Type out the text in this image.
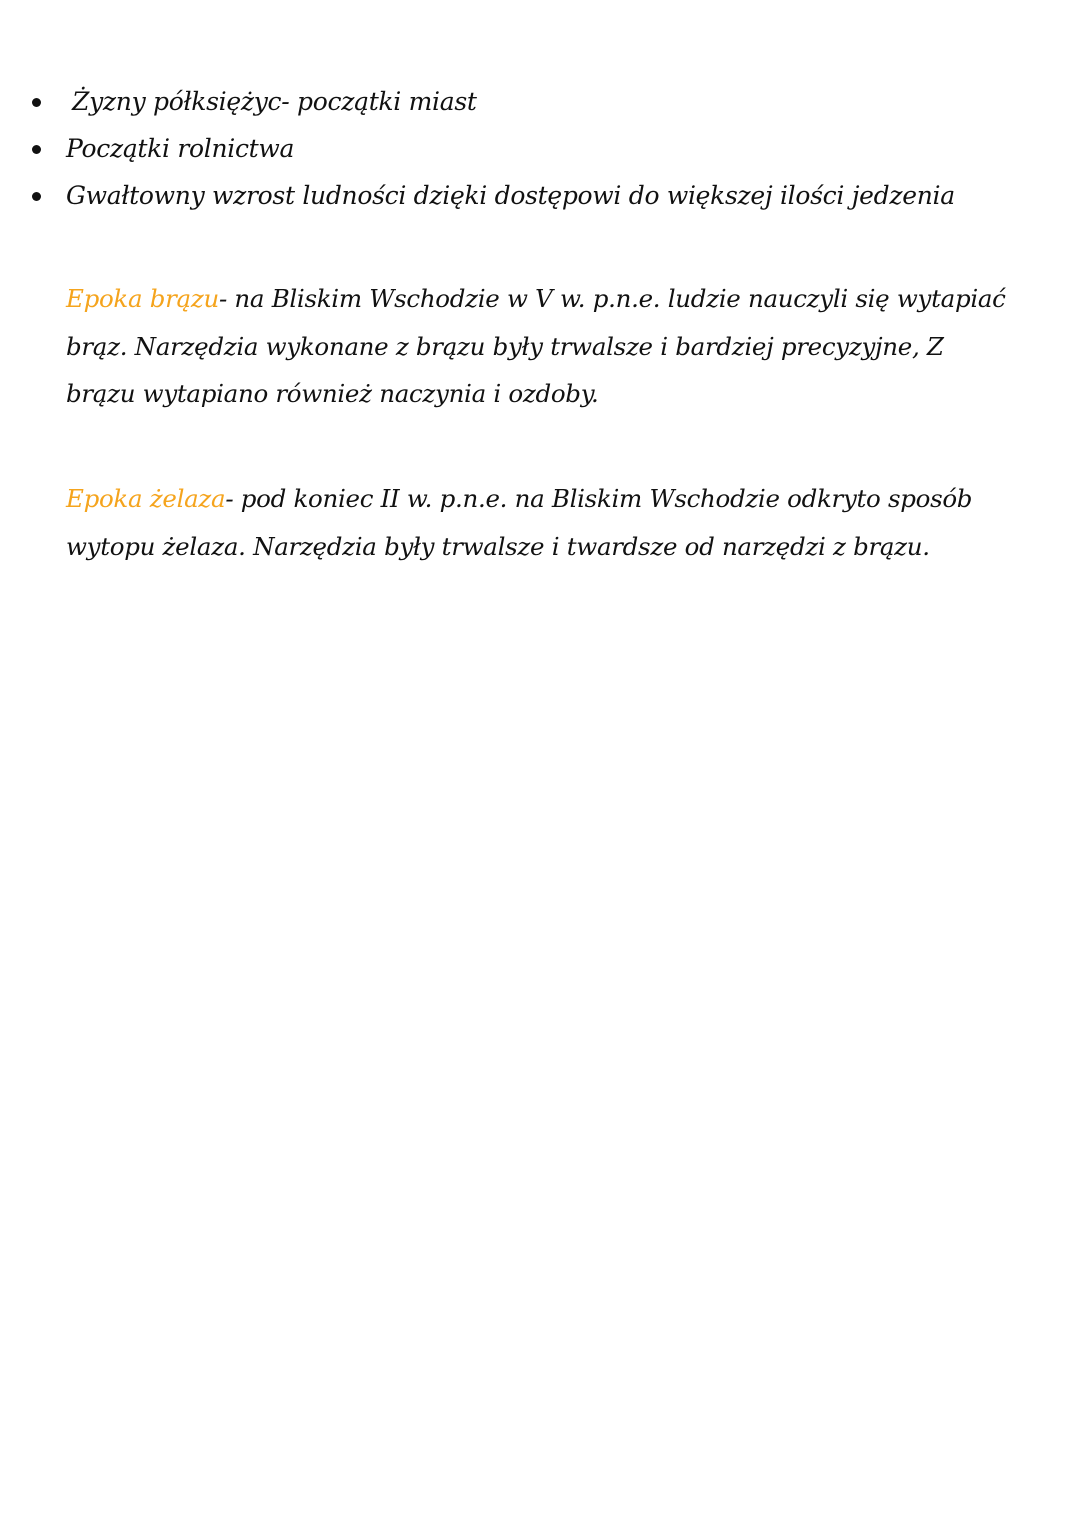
Żyzny półksiężyc- początki miast
Początki rolnictwa
Gwałtowny wzrost ludności dzięki dostępowi do większej ilości jedzenia

Epoka brązu- na Bliskim Wschodzie w V w. p.n.e. ludzie nauczyli się wytapiać brąz. Narzędzia wykonane z brązu były trwalsze i bardziej precyzyjne, Z brązu wytapiano również naczynia i ozdoby.

Epoka żelaza- pod koniec II w. p.n.e. na Bliskim Wschodzie odkryto sposób wytopu żelaza. Narzędzia były trwalsze i twardsze od narzędzi z brązu.
